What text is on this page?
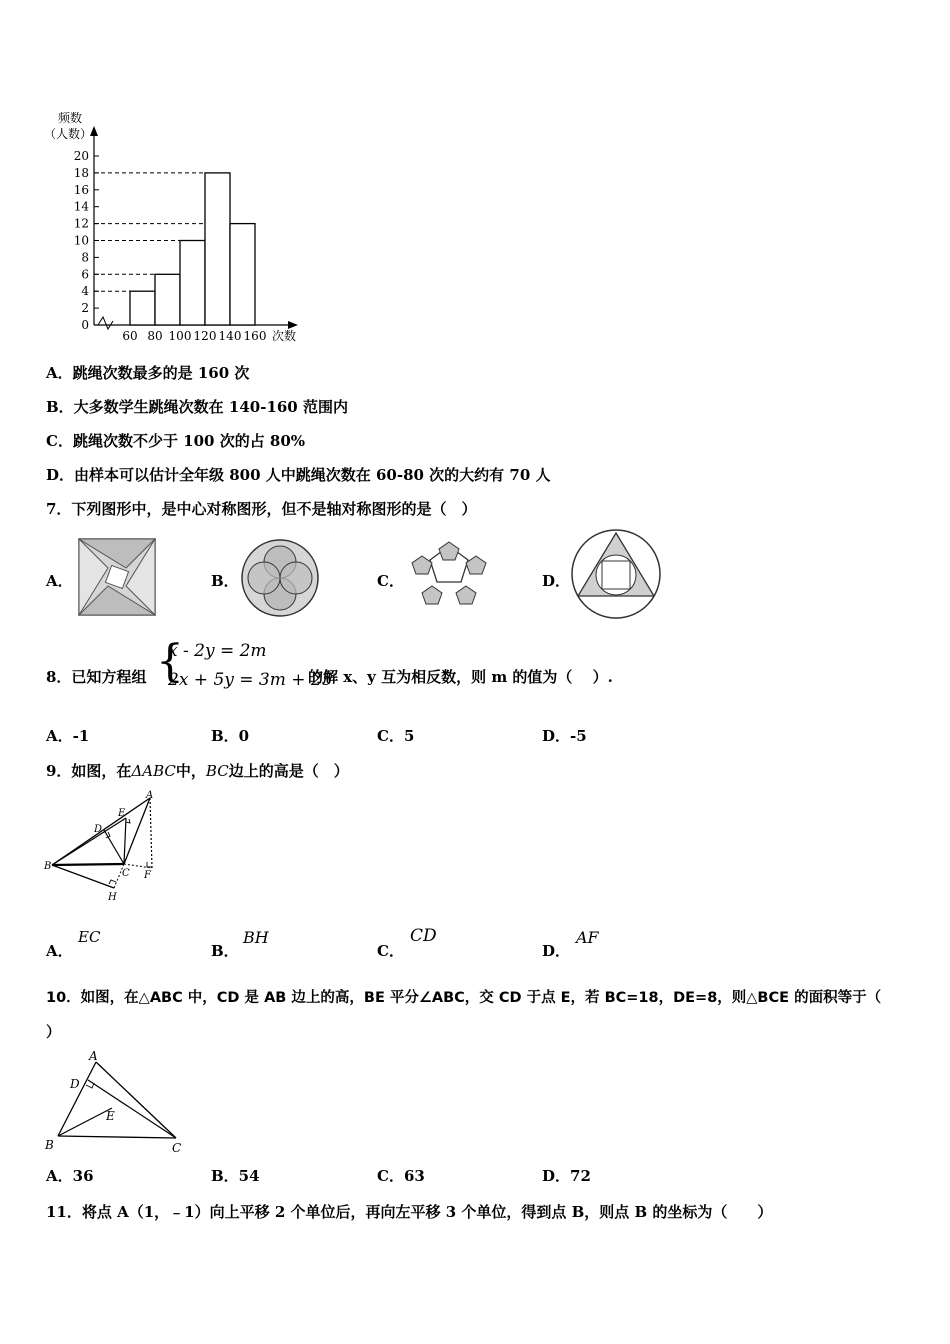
频数
（人数）
次数
0
2
4
6
8
10
12
14
16
18
20
60 80 100 120 140 160
A．跳绳次数最多的是 160 次
B．大多数学生跳绳次数在 140-160 范围内
C．跳绳次数不少于 100 次的占 80%
D．由样本可以估计全年级 800 人中跳绳次数在 60-80 次的大约有 70 人
7．下列图形中，是中心对称图形，但不是轴对称图形的是（　）
A．	B．	C．	D．
8．已知方程组 {
x - 2y = 2m
2x + 5y = 3m + 25
的解 x、y 互为相反数，则 m 的值为（　 ）.
A．-1	B．0	C．5	D．-5
9．如图，在ΔABC中，BC边上的高是（　）
A
E
D
B
C F
H
A．
EC
B．
BH
C．
CD
D．
AF
10．如图，在△ABC 中，CD 是 AB 边上的高，BE 平分∠ABC，交 CD 于点 E，若 BC=18，DE=8，则△BCE 的面积等于（
）
A
D
E
B	C
A．36	B．54	C．63	D．72
11．将点 A（1，﹣1）向上平移 2 个单位后，再向左平移 3 个单位，得到点 B，则点 B 的坐标为（　　）
